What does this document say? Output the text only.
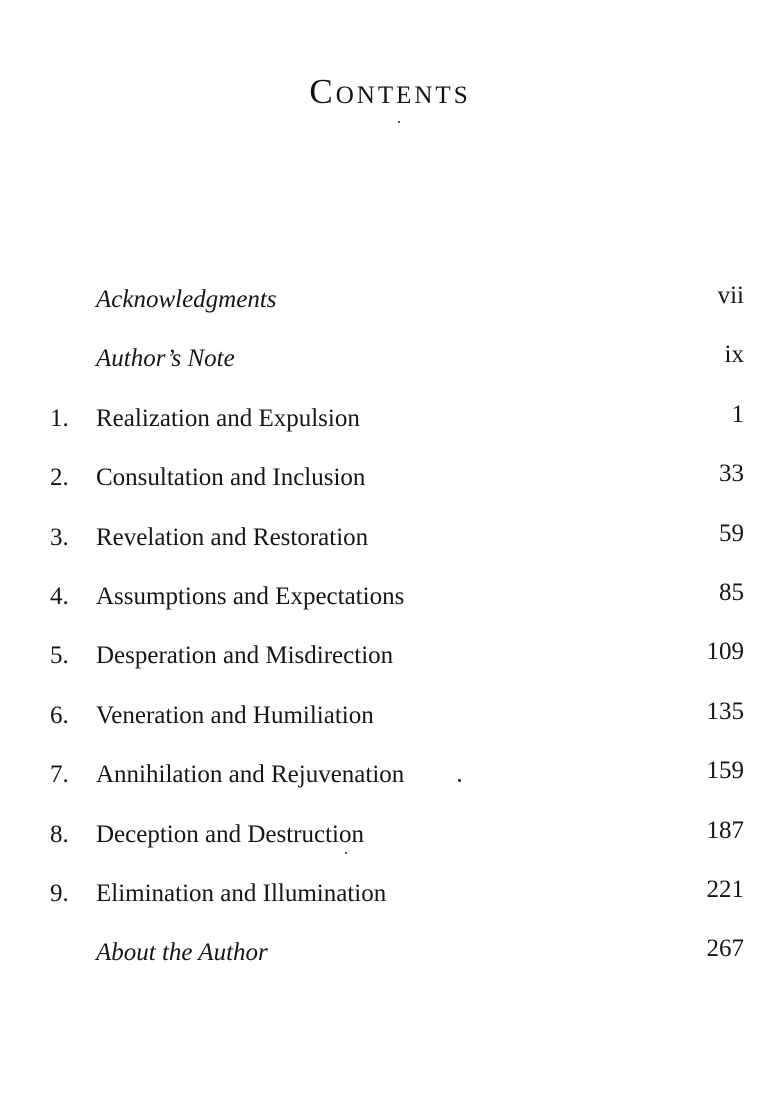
Contents
Acknowledgments	vii
Author’s Note	ix
1.	Realization and Expulsion	1
2.	Consultation and Inclusion	33
3.	Revelation and Restoration	59
4.	Assumptions and Expectations	85
5.	Desperation and Misdirection	109
6.	Veneration and Humiliation	135
7.	Annihilation and Rejuvenation	159
8.	Deception and Destruction	187
9.	Elimination and Illumination	221
About the Author	267
